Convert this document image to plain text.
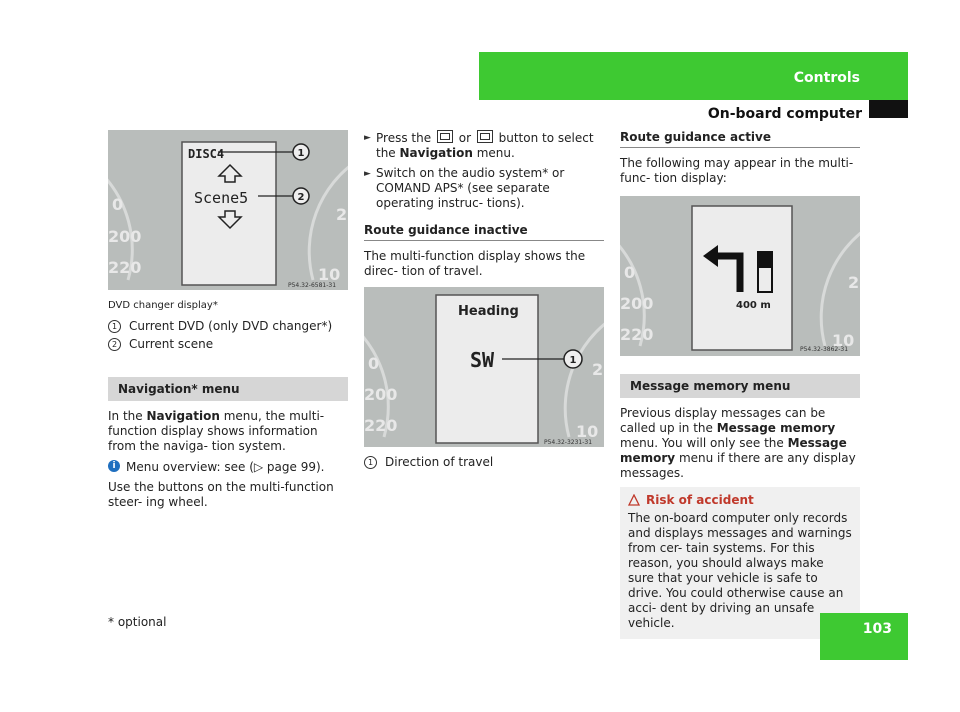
Controls
On-board computer
0
200
220
2
10
DISC4
Scene5
1
2
P54.32-6581-31

DVD changer display*

1 Current DVD (only DVD changer*)
2 Current scene
Navigation* menu

In the Navigation menu, the multi-function display shows information from the naviga- tion system.

i Menu overview: see (▷ page 99).

Use the buttons on the multi-function steer- ing wheel.

► Press the  or  button to select the Navigation menu.
► Switch on the audio system* or COMAND APS* (see separate operating instruc- tions).
Route guidance inactive

The multi-function display shows the direc- tion of travel.

0
200
220
2
10
Heading
SW	1
P54.32-3231-31
1 Direction of travel
Route guidance active

The following may appear in the multi-func- tion display:

0
200
220
2
10
400 m
P54.32-3862-31
Message memory menu

Previous display messages can be called up in the Message memory menu. You will only see the Message memory menu if there are any display messages.

Risk of accident

The on-board computer only records and displays messages and warnings from cer- tain systems. For this reason, you should always make sure that your vehicle is safe to drive. You could otherwise cause an acci- dent by driving an unsafe vehicle.

* optional	103
